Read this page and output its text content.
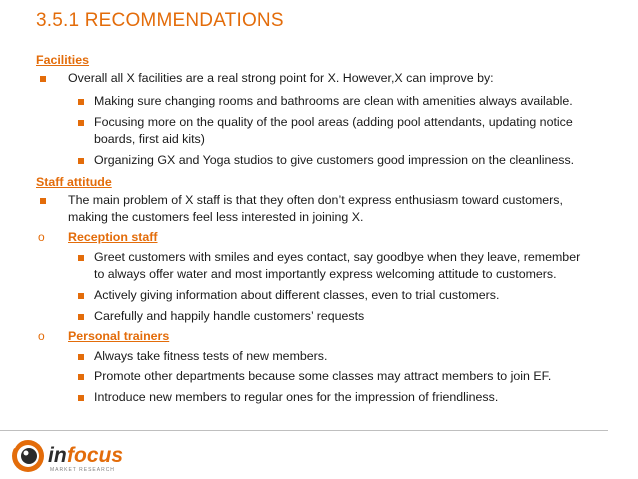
3.5.1 RECOMMENDATIONS
Facilities
Overall all X facilities are a real strong point for X. However,X can improve by:
Making sure changing rooms and bathrooms are clean with amenities always available.
Focusing more on the quality of the pool areas (adding pool attendants, updating notice
boards, first aid kits)
Organizing GX and Yoga studios to give customers good impression on the cleanliness.
Staff attitude
The main problem of X staff is that they often don’t express enthusiasm toward customers,
making the customers feel less interested in joining X.
o Reception staff
Greet customers with smiles and eyes contact, say goodbye when they leave, remember
to always offer water and most importantly express welcoming attitude to customers.
Actively giving information about different classes, even to trial customers.
Carefully and happily handle customers’ requests
o Personal trainers
Always take fitness tests of new members.
Promote other departments because some classes may attract members to join EF.
Introduce new members to regular ones for the impression of friendliness.
in focus
MARKET RESEARCH
